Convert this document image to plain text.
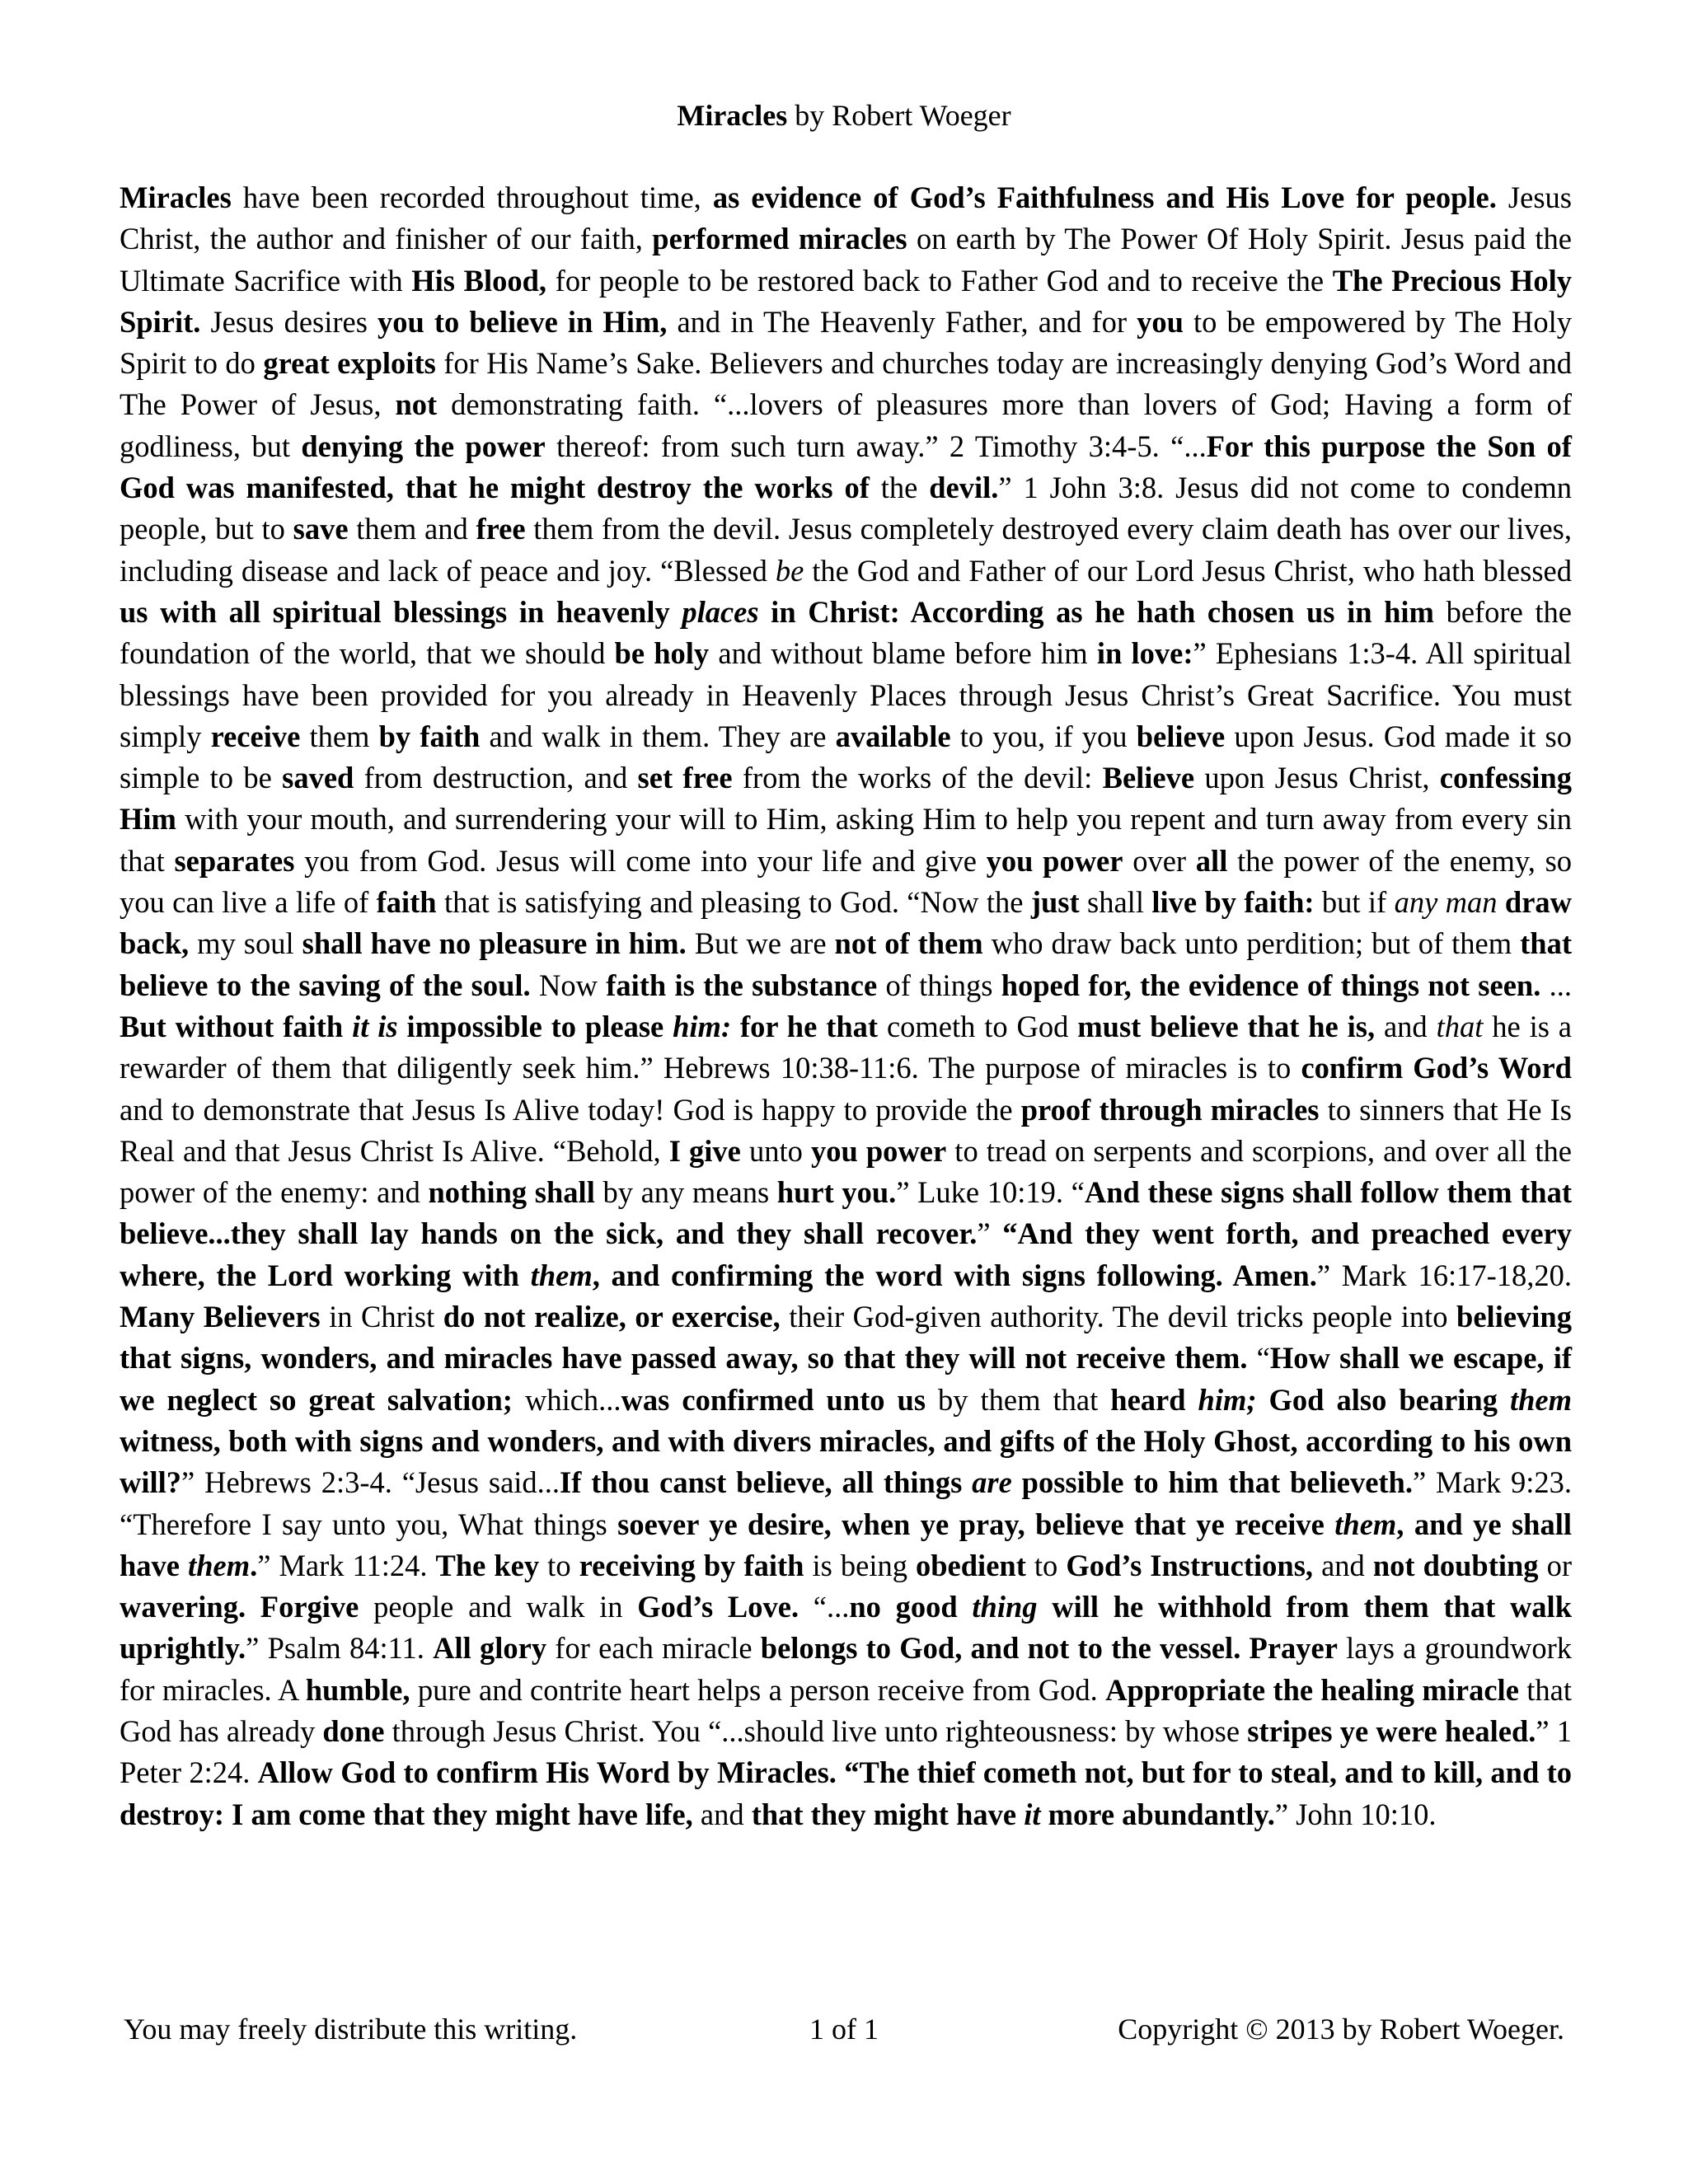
Miracles by Robert Woeger
Miracles have been recorded throughout time, as evidence of God’s Faithfulness and His Love for people. Jesus Christ, the author and finisher of our faith, performed miracles on earth by The Power Of Holy Spirit. Jesus paid the Ultimate Sacrifice with His Blood, for people to be restored back to Father God and to receive the The Precious Holy Spirit. Jesus desires you to believe in Him, and in The Heavenly Father, and for you to be empowered by The Holy Spirit to do great exploits for His Name’s Sake. Believers and churches today are increasingly denying God’s Word and The Power of Jesus, not demonstrating faith. “...lovers of pleasures more than lovers of God; Having a form of godliness, but denying the power thereof: from such turn away.” 2 Timothy 3:4-5. “...For this purpose the Son of God was manifested, that he might destroy the works of the devil.” 1 John 3:8. Jesus did not come to condemn people, but to save them and free them from the devil. Jesus completely destroyed every claim death has over our lives, including disease and lack of peace and joy. “Blessed be the God and Father of our Lord Jesus Christ, who hath blessed us with all spiritual blessings in heavenly places in Christ: According as he hath chosen us in him before the foundation of the world, that we should be holy and without blame before him in love:” Ephesians 1:3-4. All spiritual blessings have been provided for you already in Heavenly Places through Jesus Christ’s Great Sacrifice. You must simply receive them by faith and walk in them. They are available to you, if you believe upon Jesus. God made it so simple to be saved from destruction, and set free from the works of the devil: Believe upon Jesus Christ, confessing Him with your mouth, and surrendering your will to Him, asking Him to help you repent and turn away from every sin that separates you from God. Jesus will come into your life and give you power over all the power of the enemy, so you can live a life of faith that is satisfying and pleasing to God. “Now the just shall live by faith: but if any man draw back, my soul shall have no pleasure in him. But we are not of them who draw back unto perdition; but of them that believe to the saving of the soul. Now faith is the substance of things hoped for, the evidence of things not seen. ... But without faith it is impossible to please him: for he that cometh to God must believe that he is, and that he is a rewarder of them that diligently seek him.” Hebrews 10:38-11:6. The purpose of miracles is to confirm God’s Word and to demonstrate that Jesus Is Alive today! God is happy to provide the proof through miracles to sinners that He Is Real and that Jesus Christ Is Alive. “Behold, I give unto you power to tread on serpents and scorpions, and over all the power of the enemy: and nothing shall by any means hurt you.” Luke 10:19. “And these signs shall follow them that believe...they shall lay hands on the sick, and they shall recover.” “And they went forth, and preached every where, the Lord working with them, and confirming the word with signs following. Amen.” Mark 16:17-18,20. Many Believers in Christ do not realize, or exercise, their God-given authority. The devil tricks people into believing that signs, wonders, and miracles have passed away, so that they will not receive them. “How shall we escape, if we neglect so great salvation; which...was confirmed unto us by them that heard him; God also bearing them witness, both with signs and wonders, and with divers miracles, and gifts of the Holy Ghost, according to his own will?” Hebrews 2:3-4. “Jesus said...If thou canst believe, all things are possible to him that believeth.” Mark 9:23. “Therefore I say unto you, What things soever ye desire, when ye pray, believe that ye receive them, and ye shall have them.” Mark 11:24. The key to receiving by faith is being obedient to God’s Instructions, and not doubting or wavering. Forgive people and walk in God’s Love. “...no good thing will he withhold from them that walk uprightly.” Psalm 84:11. All glory for each miracle belongs to God, and not to the vessel. Prayer lays a groundwork for miracles. A humble, pure and contrite heart helps a person receive from God. Appropriate the healing miracle that God has already done through Jesus Christ. You “...should live unto righteousness: by whose stripes ye were healed.” 1 Peter 2:24. Allow God to confirm His Word by Miracles. “The thief cometh not, but for to steal, and to kill, and to destroy: I am come that they might have life, and that they might have it more abundantly.” John 10:10.
You may freely distribute this writing.	1 of 1	Copyright © 2013 by Robert Woeger.
